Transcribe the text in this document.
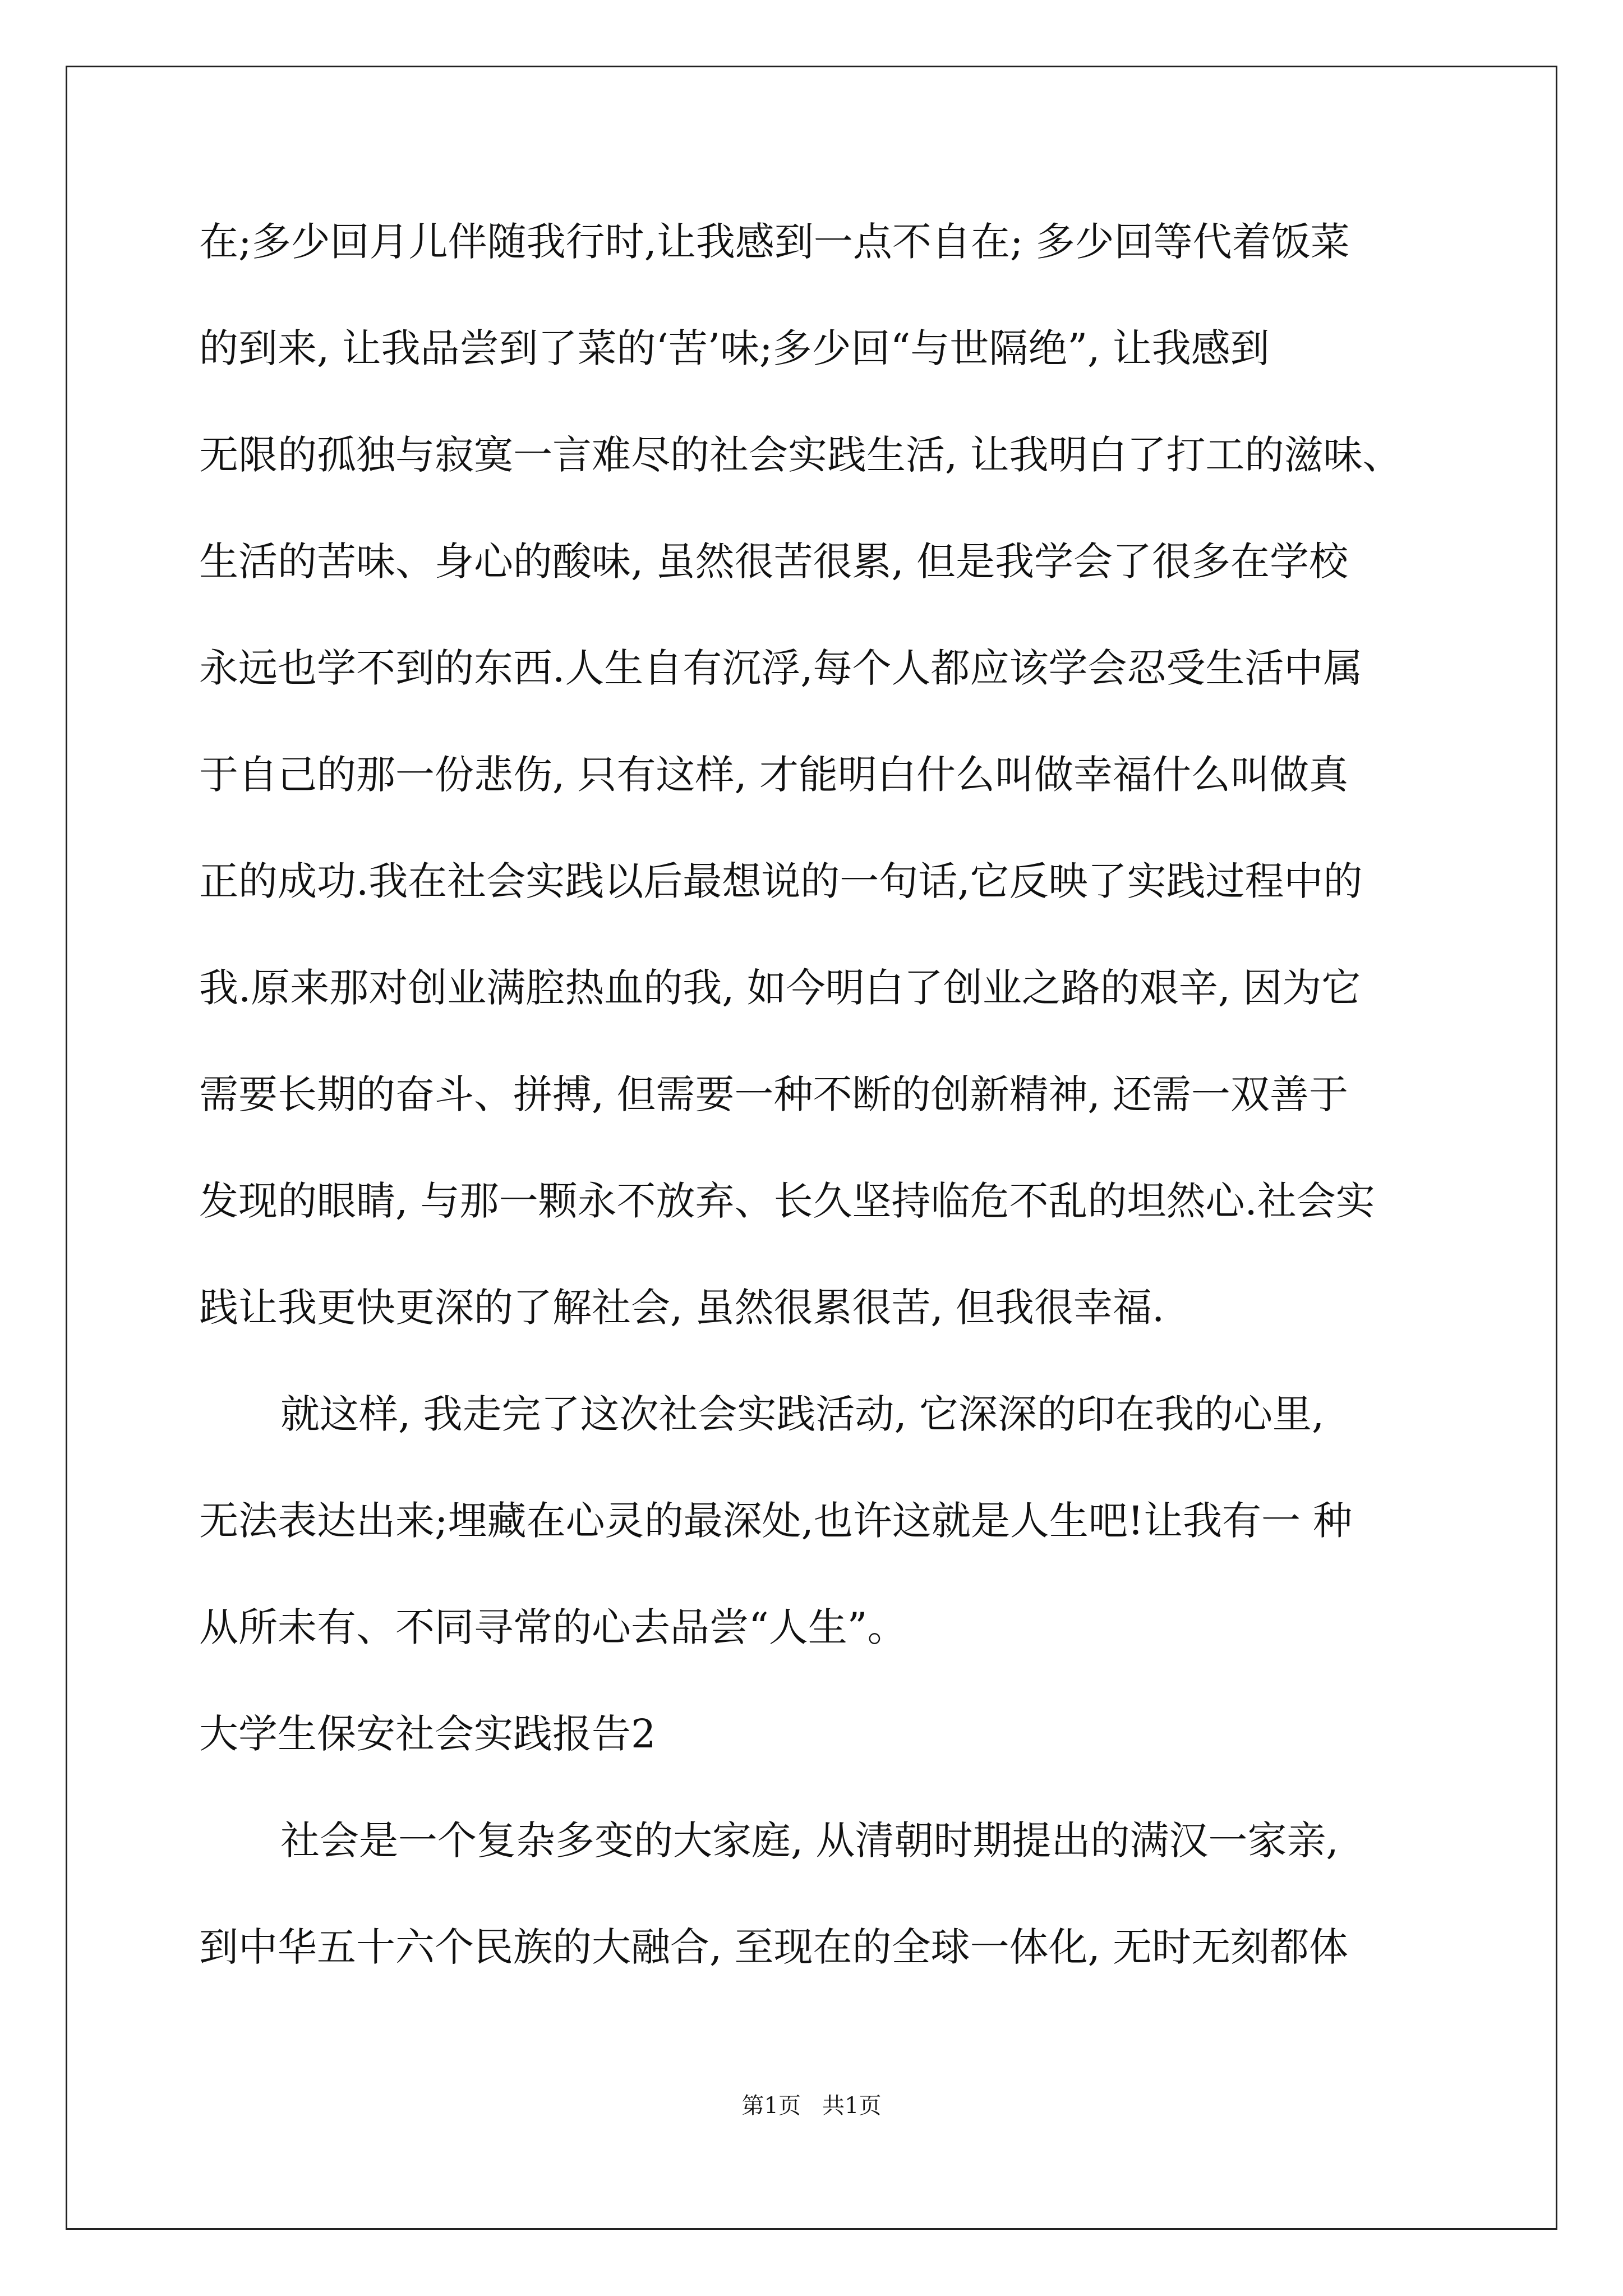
在;多少回月儿伴随我行时,让我感到一点不自在; 多少回等代着饭菜
的到来, 让我品尝到了菜的‘苦’味;多少回“与世隔绝”, 让我感到
无限的孤独与寂寞一言难尽的社会实践生活, 让我明白了打工的滋味、
生活的苦味、身心的酸味, 虽然很苦很累, 但是我学会了很多在学校
永远也学不到的东西.人生自有沉浮,每个人都应该学会忍受生活中属
于自己的那一份悲伤, 只有这样, 才能明白什么叫做幸福什么叫做真
正的成功.我在社会实践以后最想说的一句话,它反映了实践过程中的
我.原来那对创业满腔热血的我, 如今明白了创业之路的艰辛, 因为它
需要长期的奋斗、拼搏, 但需要一种不断的创新精神, 还需一双善于
发现的眼睛, 与那一颗永不放弃、长久坚持临危不乱的坦然心.社会实
践让我更快更深的了解社会, 虽然很累很苦, 但我很幸福.
就这样, 我走完了这次社会实践活动, 它深深的印在我的心里,
无法表达出来;埋藏在心灵的最深处,也许这就是人生吧!让我有一 种
从所未有、不同寻常的心去品尝“人生”。
大学生保安社会实践报告2
社会是一个复杂多变的大家庭, 从清朝时期提出的满汉一家亲,
到中华五十六个民族的大融合, 至现在的全球一体化, 无时无刻都体
第1页 共1页
